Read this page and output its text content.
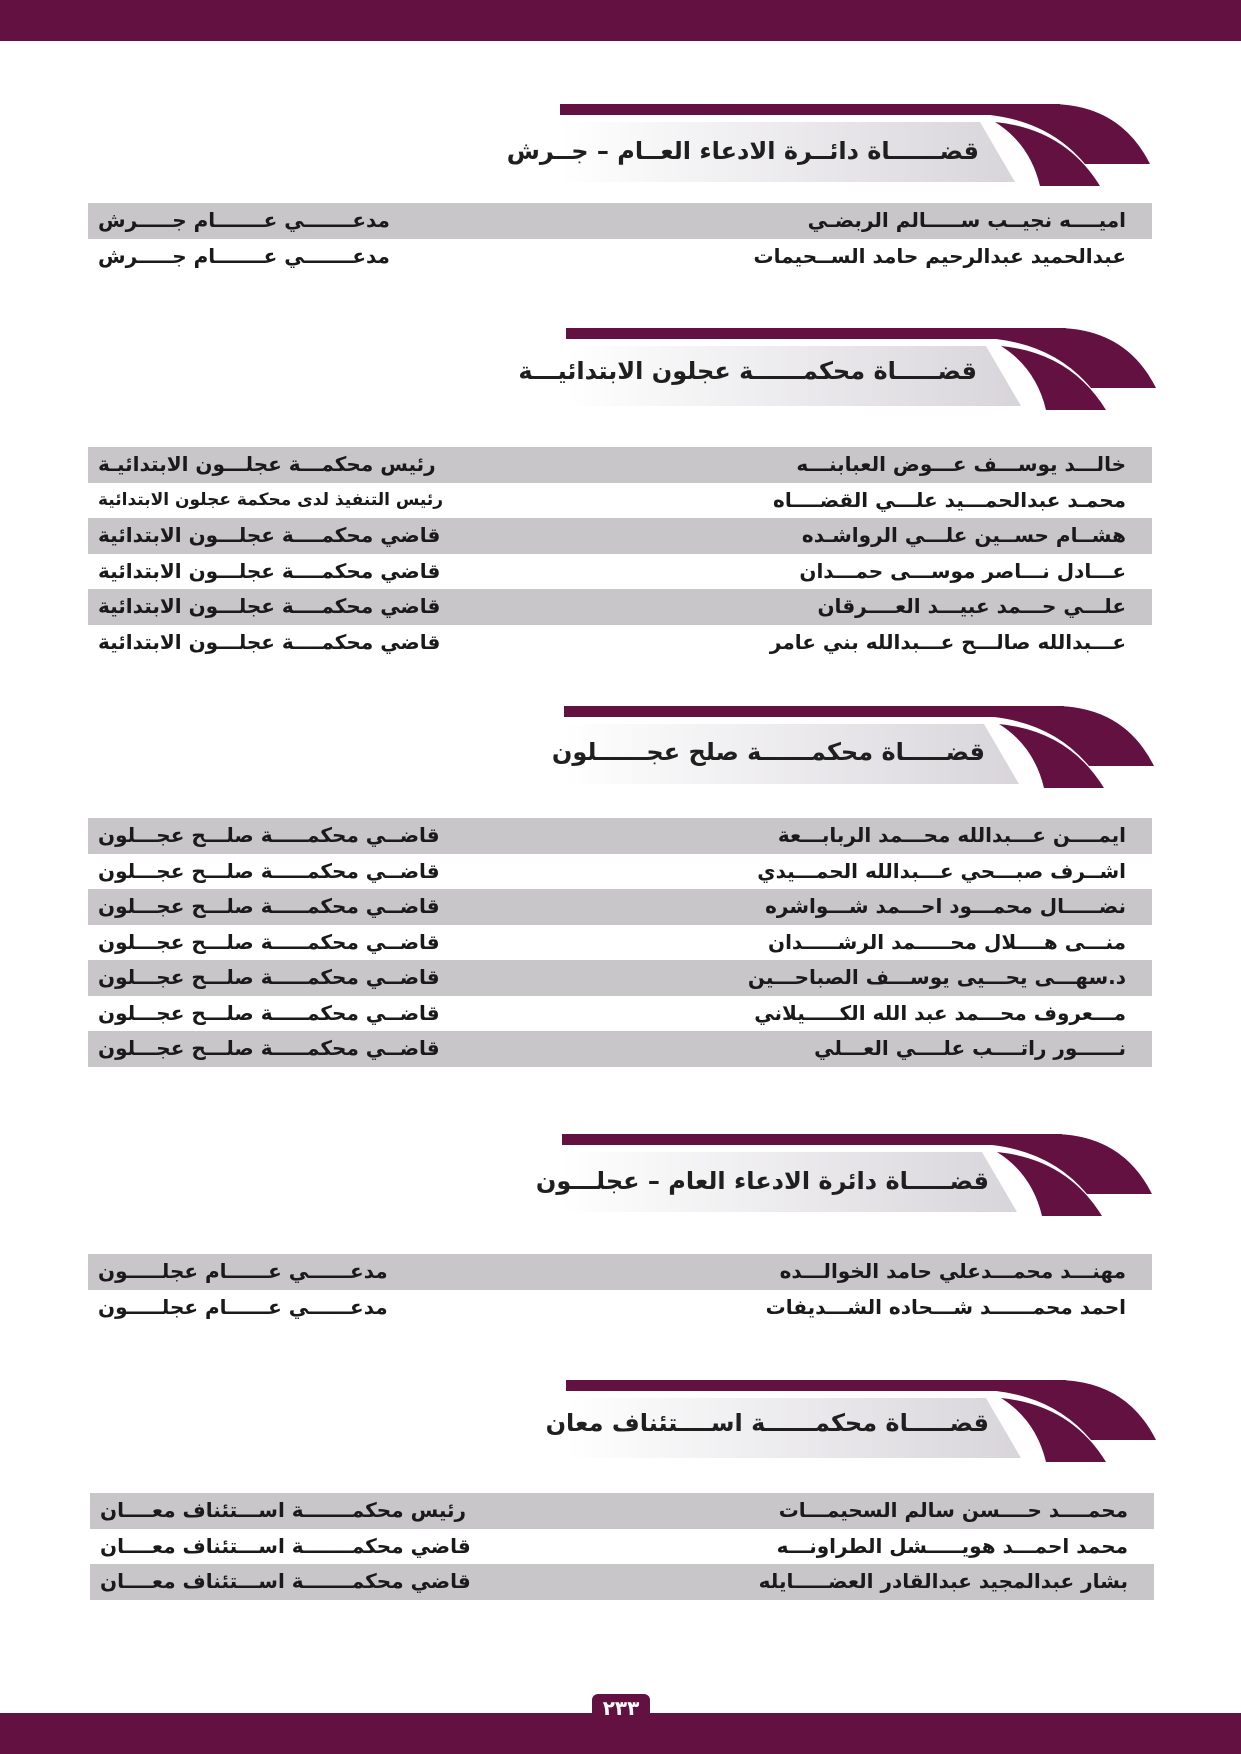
قضــــــاة دائــرة الادعاء العــام – جــرش
اميــــه نجيــب ســـــالم الربضـي
مدعـــــــي عـــــــام جـــــرش
عبدالحميد عبدالرحيم حامد الســحيمات
مدعـــــــي عـــــــام جـــــرش
قضـــــاة محكمــــــة عجلون الابتدائيـــة
خالـــد يوســـف عـــوض العبابنـــه
رئيس محكمـــة عجلـــون الابتدائيـة
محمـد عبدالحمـــيد علـــي القضــــاه
رئيس التنفيذ لدى محكمة عجلون الابتدائية
هشــام حســين علـــي الرواشـده
قاضي محكمــــة عجلـــون الابتدائية
عـــادل نـــاصر موســـى حمـــدان
قاضي محكمــــة عجلـــون الابتدائية
علـــي حـــمد عبيـــد العــــرقان
قاضي محكمــــة عجلـــون الابتدائية
عـــبدالله صالـــح عـــبدالله بني عامر
قاضي محكمــــة عجلـــون الابتدائية
قضـــــاة محكمــــــة صلح عجــــــلون
ايمــــن عـــبدالله محـــمد الربابـــعة
قاضــي محكمـــــة صلـــح عجـــلون
اشــرف صبـــحي عـــبدالله الحمـــيدي
قاضــي محكمـــــة صلـــح عجـــلون
نضـــــال محمـــود احـــمد شـــواشره
قاضــي محكمـــــة صلـــح عجـــلون
منـــى هــــلال محـــــمد الرشـــــدان
قاضــي محكمـــــة صلـــح عجـــلون
د.سهـــى يحـــيى يوســـف الصباحـــين
قاضــي محكمـــــة صلـــح عجـــلون
مـــعروف محـــمد عبد الله الكـــــيلاني
قاضــي محكمـــــة صلـــح عجـــلون
نــــــور راتــــب علــــي العـــلي
قاضــي محكمـــــة صلـــح عجـــلون
قضـــــاة دائرة الادعاء العام – عجلـــون
مهنـــد محمـــدعلي حامد الخوالـــده
مدعــــــي عــــــام عجلـــــون
احمد محمــــــد شـــحاده الشـــديفات
مدعــــــي عــــــام عجلـــــون
قضـــــاة محكمــــــة اســــتئناف معان
محمــــد حــــسن سالم السحيمـــات
رئيس محكمـــــــة اســـتئناف معــــان
محمد احمـــد هويـــــشل الطراونـــه
قاضي محكمـــــــة اســـتئناف معــــان
بشار عبدالمجيد عبدالقادر العضـــــايله
قاضي محكمـــــــة اســـتئناف معــــان
٢٣٣
